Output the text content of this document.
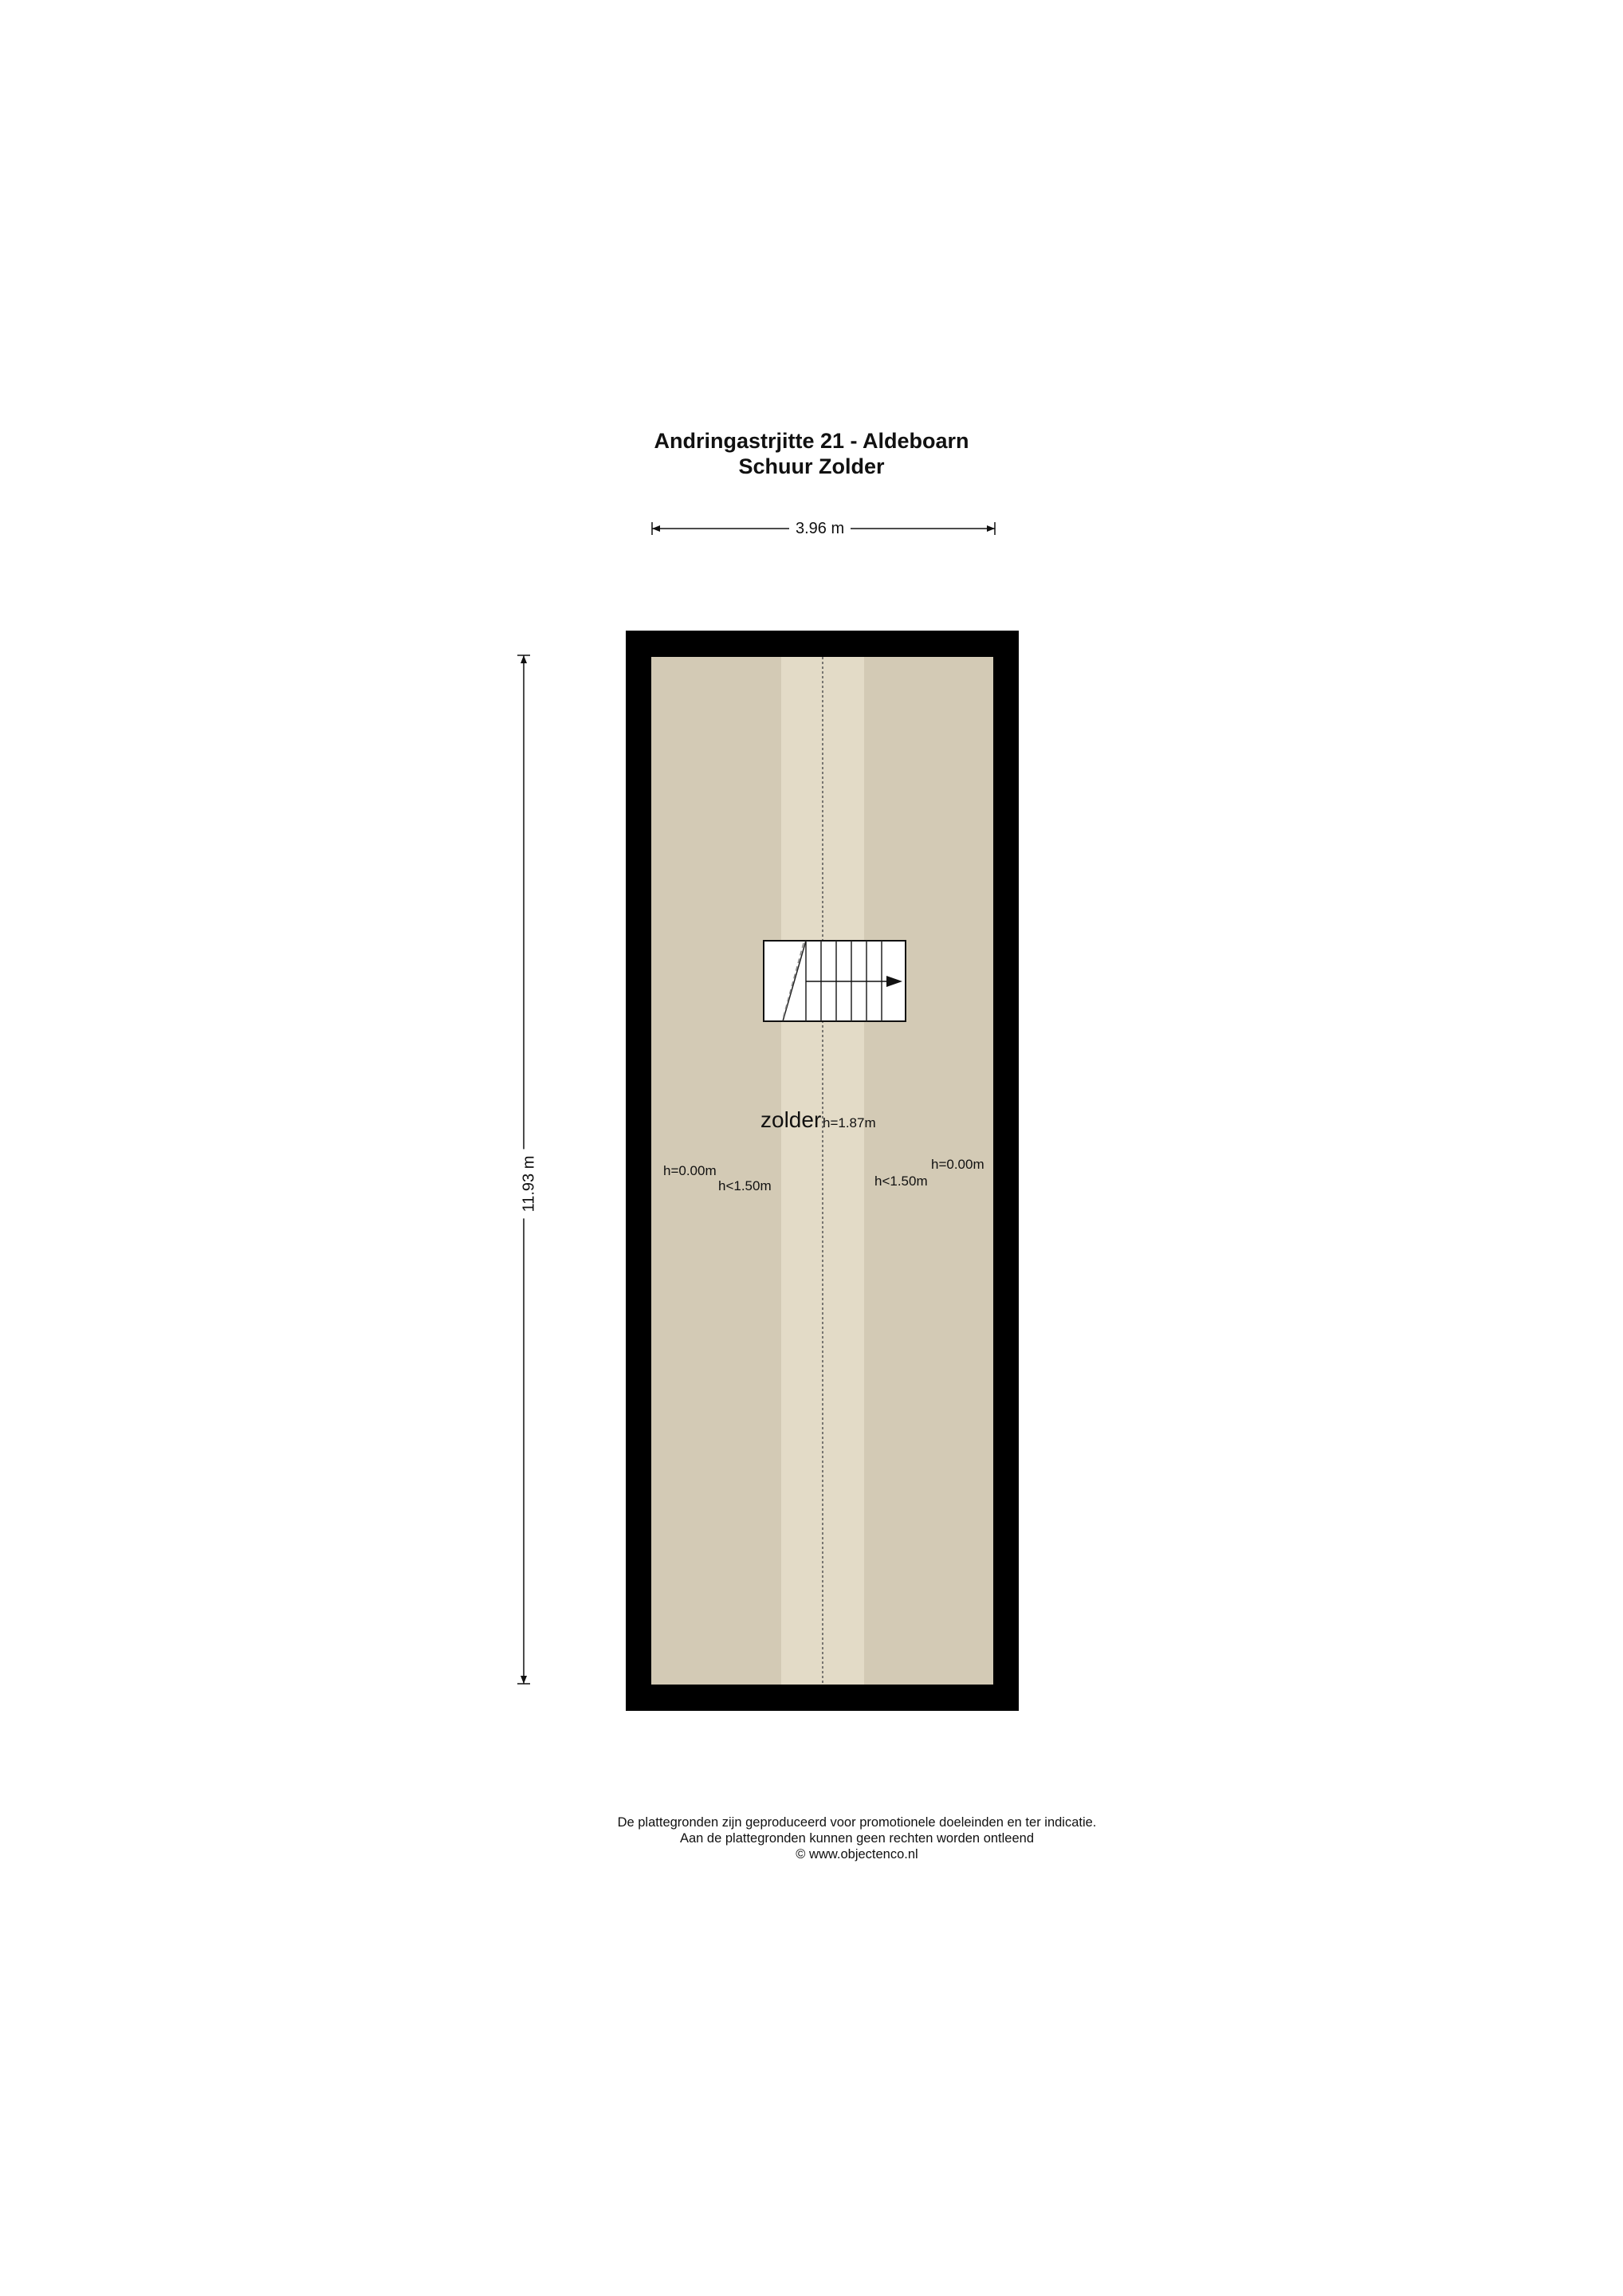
Andringastrjitte 21 - Aldeboarn
Schuur Zolder
3.96 m
11.93 m
zolder h=1.87m
h=0.00m
h<1.50m	h<1.50m
h=0.00m
De plattegronden zijn geproduceerd voor promotionele doeleinden en ter indicatie.
Aan de plattegronden kunnen geen rechten worden ontleend
© www.objectenco.nl
